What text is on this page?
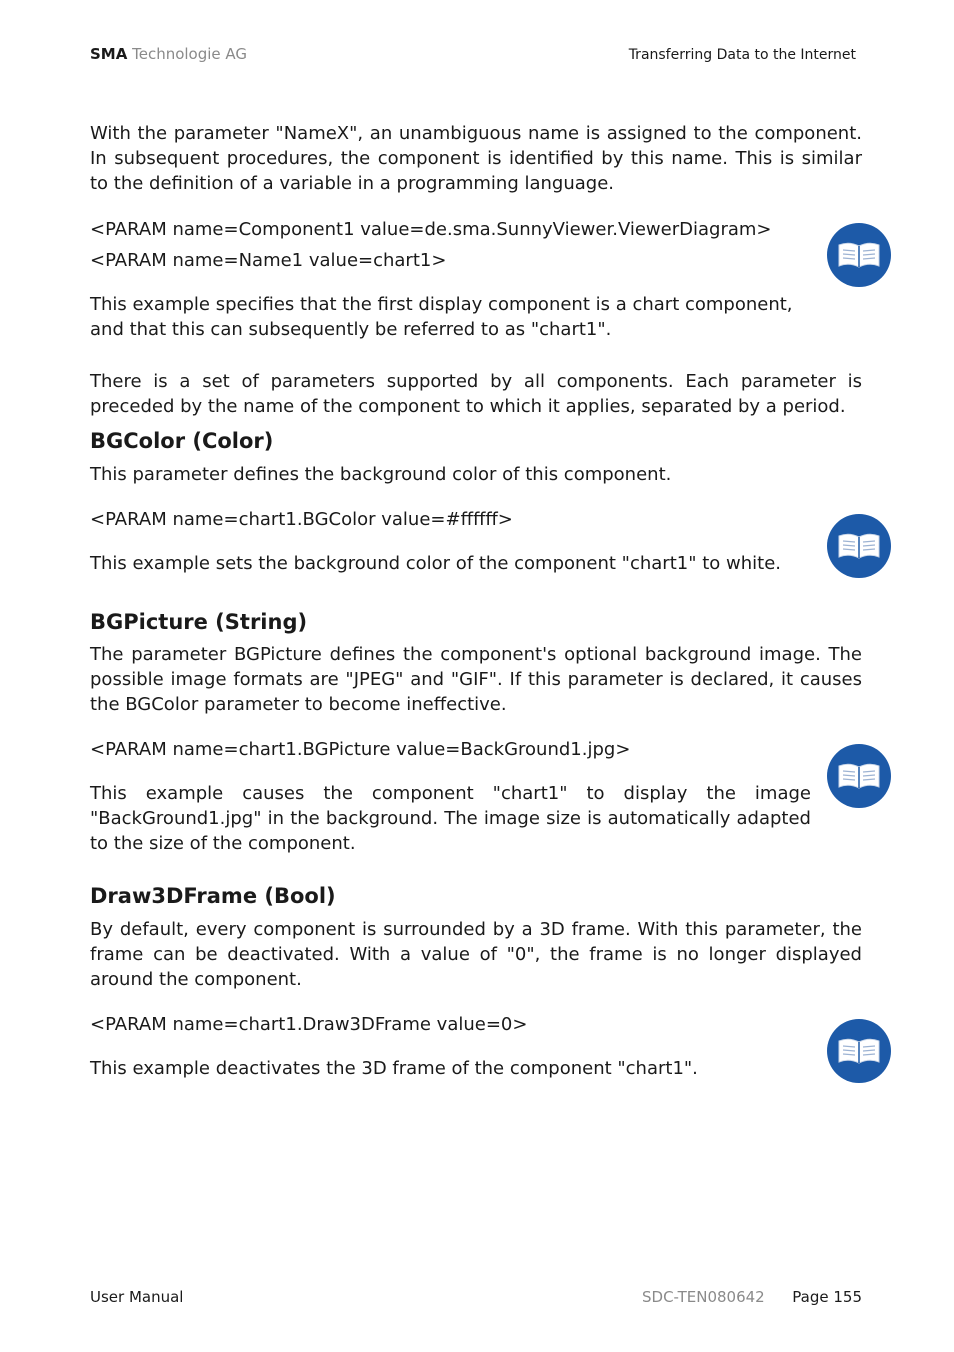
SMA Technologie AG	Transferring Data to the Internet

With the parameter "NameX", an unambiguous name is assigned to the component. In subsequent procedures, the component is identified by this name. This is similar to the definition of a variable in a programming language.

<PARAM name=Component1 value=de.sma.SunnyViewer.ViewerDiagram>
<PARAM name=Name1 value=chart1>

This example specifies that the first display component is a chart component, and that this can subsequently be referred to as "chart1".

There is a set of parameters supported by all components. Each parameter is preceded by the name of the component to which it applies, separated by a period.

BGColor (Color)

This parameter defines the background color of this component.

<PARAM name=chart1.BGColor value=#ffffff>

This example sets the background color of the component "chart1" to white.

BGPicture (String)

The parameter BGPicture defines the component's optional background image. The possible image formats are "JPEG" and "GIF". If this parameter is declared, it causes the BGColor parameter to become ineffective.

<PARAM name=chart1.BGPicture value=BackGround1.jpg>

This example causes the component "chart1" to display the image "BackGround1.jpg" in the background. The image size is automatically adapted to the size of the component.

Draw3DFrame (Bool)

By default, every component is surrounded by a 3D frame. With this parameter, the frame can be deactivated. With a value of "0", the frame is no longer displayed around the component.

<PARAM name=chart1.Draw3DFrame value=0>

This example deactivates the 3D frame of the component "chart1".

User Manual	SDC-TEN080642 Page 155
